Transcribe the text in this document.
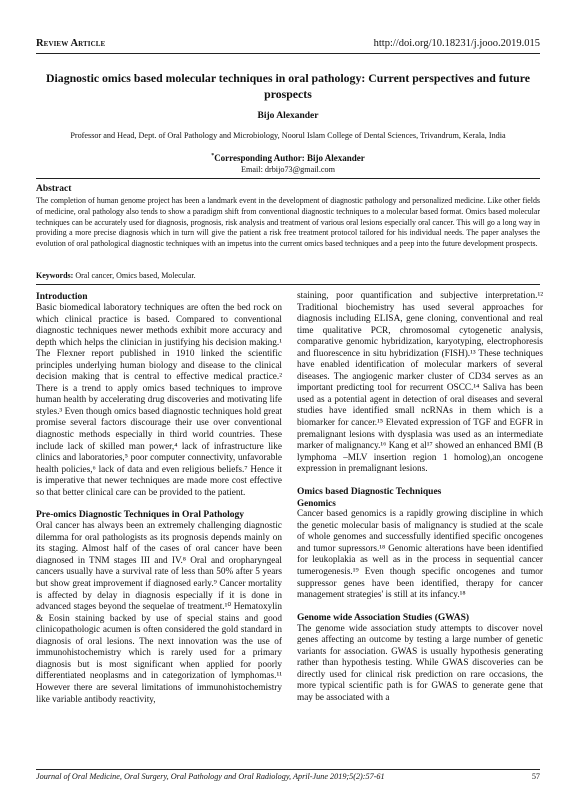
Review Article	http://doi.org/10.18231/j.jooo.2019.015
Diagnostic omics based molecular techniques in oral pathology: Current perspectives and future prospects
Bijo Alexander
Professor and Head, Dept. of Oral Pathology and Microbiology, Noorul Islam College of Dental Sciences, Trivandrum, Kerala, India
*Corresponding Author: Bijo Alexander
Email: drbijo73@gmail.com
Abstract
The completion of human genome project has been a landmark event in the development of diagnostic pathology and personalized medicine. Like other fields of medicine, oral pathology also tends to show a paradigm shift from conventional diagnostic techniques to a molecular based format. Omics based molecular techniques can be accurately used for diagnosis, prognosis, risk analysis and treatment of various oral lesions especially oral cancer. This will go a long way in providing a more precise diagnosis which in turn will give the patient a risk free treatment protocol tailored for his individual needs. The paper analyses the evolution of oral pathological diagnostic techniques with an impetus into the current omics based techniques and a peep into the future development prospects.
Keywords: Oral cancer, Omics based, Molecular.
Introduction

Basic biomedical laboratory techniques are often the bed rock on which clinical practice is based. Compared to conventional diagnostic techniques newer methods exhibit more accuracy and depth which helps the clinician in justifying his decision making.¹ The Flexner report published in 1910 linked the scientific principles underlying human biology and disease to the clinical decision making that is central to effective medical practice.² There is a trend to apply omics based techniques to improve human health by accelerating drug discoveries and motivating life styles.³ Even though omics based diagnostic techniques hold great promise several factors discourage their use over conventional diagnostic methods especially in third world countries. These include lack of skilled man power,⁴ lack of infrastructure like clinics and laboratories,⁵ poor computer connectivity, unfavorable health policies,⁶ lack of data and even religious beliefs.⁷ Hence it is imperative that newer techniques are made more cost effective so that better clinical care can be provided to the patient.

Pre-omics Diagnostic Techniques in Oral Pathology

Oral cancer has always been an extremely challenging diagnostic dilemma for oral pathologists as its prognosis depends mainly on its staging. Almost half of the cases of oral cancer have been diagnosed in TNM stages III and IV.⁸ Oral and oropharyngeal cancers usually have a survival rate of less than 50% after 5 years but show great improvement if diagnosed early.⁹ Cancer mortality is affected by delay in diagnosis especially if it is done in advanced stages beyond the sequelae of treatment.¹⁰ Hematoxylin & Eosin staining backed by use of special stains and good clinicopathologic acumen is often considered the gold standard in diagnosis of oral lesions. The next innovation was the use of immunohistochemistry which is rarely used for a primary diagnosis but is most significant when applied for poorly differentiated neoplasms and in categorization of lymphomas.¹¹ However there are several limitations of immunohistochemistry like variable antibody reactivity,

staining, poor quantification and subjective interpretation.¹² Traditional biochemistry has used several approaches for diagnosis including ELISA, gene cloning, conventional and real time qualitative PCR, chromosomal cytogenetic analysis, comparative genomic hybridization, karyotyping, electrophoresis and fluorescence in situ hybridization (FISH).¹³ These techniques have enabled identification of molecular markers of several diseases. The angiogenic marker cluster of CD34 serves as an important predicting tool for recurrent OSCC.¹⁴ Saliva has been used as a potential agent in detection of oral diseases and several studies have identified small ncRNAs in them which is a biomarker for cancer.¹⁵ Elevated expression of TGF and EGFR in premalignant lesions with dysplasia was used as an intermediate marker of malignancy.¹⁶ Kang et al¹⁷ showed an enhanced BMI (B lymphoma –MLV insertion region 1 homolog),an oncogene expression in premalignant lesions.

Omics based Diagnostic Techniques
Genomics

Cancer based genomics is a rapidly growing discipline in which the genetic molecular basis of malignancy is studied at the scale of whole genomes and successfully identified specific oncogenes and tumor supressors.¹⁸ Genomic alterations have been identified for leukoplakia as well as in the process in sequential cancer tumerogenesis.¹⁹ Even though specific oncogenes and tumor suppressor genes have been identified, therapy for cancer management strategies' is still at its infancy.¹⁸

Genome wide Association Studies (GWAS)

The genome wide association study attempts to discover novel genes affecting an outcome by testing a large number of genetic variants for association. GWAS is usually hypothesis generating rather than hypothesis testing. While GWAS discoveries can be directly used for clinical risk prediction on rare occasions, the more typical scientific path is for GWAS to generate gene that may be associated with a

Journal of Oral Medicine, Oral Surgery, Oral Pathology and Oral Radiology, April-June 2019;5(2):57-61	57
